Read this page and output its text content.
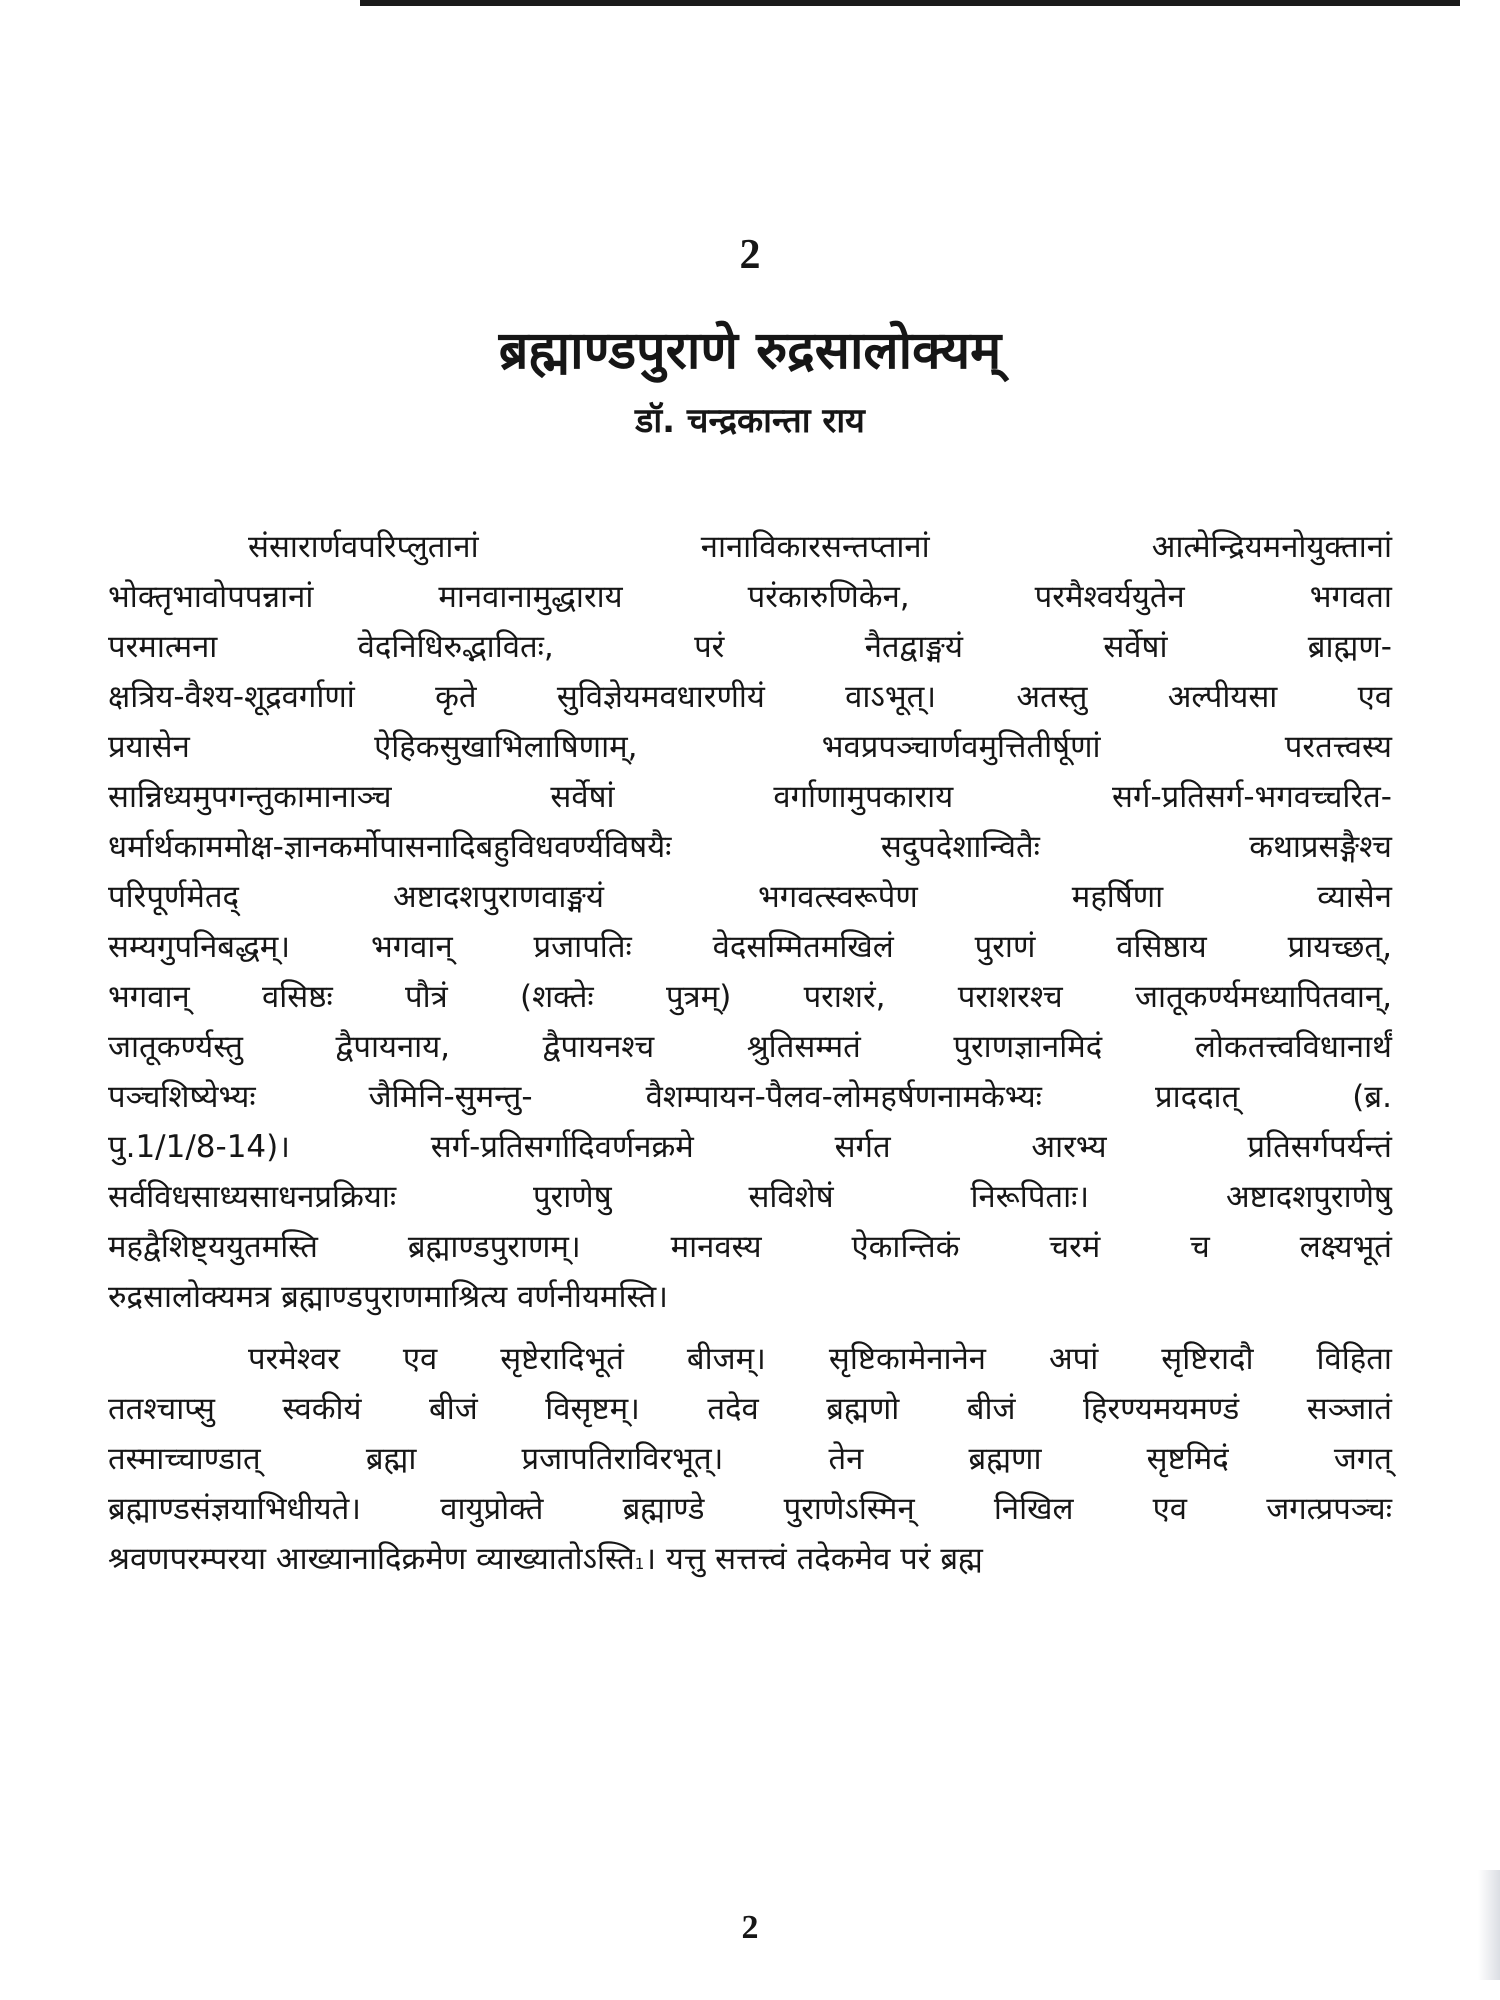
2
ब्रह्माण्डपुराणे रुद्रसालोक्यम्
डॉ. चन्द्रकान्ता राय
संसारार्णवपरिप्लुतानां	नानाविकारसन्तप्तानां	आत्मेन्द्रियमनोयुक्तानां
भोक्तृभावोपपन्नानां	मानवानामुद्धाराय	परंकारुणिकेन,	परमैश्वर्ययुतेन	भगवता
परमात्मना	वेदनिधिरुद्भावितः,	परं	नैतद्वाङ्मयं	सर्वेषां	ब्राह्मण-
क्षत्रिय-वैश्य-शूद्रवर्गाणां	कृते	सुविज्ञेयमवधारणीयं	वाऽभूत्।	अतस्तु	अल्पीयसा	एव
प्रयासेन	ऐहिकसुखाभिलाषिणाम्,	भवप्रपञ्चार्णवमुत्तितीर्षूणां	परतत्त्वस्य
सान्निध्यमुपगन्तुकामानाञ्च	सर्वेषां	वर्गाणामुपकाराय	सर्ग-प्रतिसर्ग-भगवच्चरित-
धर्मार्थकाममोक्ष-ज्ञानकर्मोपासनादिबहुविधवर्ण्यविषयैः	सदुपदेशान्वितैः	कथाप्रसङ्गैश्च
परिपूर्णमेतद्	अष्टादशपुराणवाङ्मयं	भगवत्स्वरूपेण	महर्षिणा	व्यासेन
सम्यगुपनिबद्धम्।	भगवान्	प्रजापतिः	वेदसम्मितमखिलं	पुराणं	वसिष्ठाय	प्रायच्छत्,
भगवान् वसिष्ठः पौत्रं (शक्तेः पुत्रम्) पराशरं, पराशरश्च जातूकर्ण्यमध्यापितवान्,
जातूकर्ण्यस्तु	द्वैपायनाय,	द्वैपायनश्च	श्रुतिसम्मतं	पुराणज्ञानमिदं	लोकतत्त्वविधानार्थं
पञ्चशिष्येभ्यः	जैमिनि-सुमन्तु-	वैशम्पायन-पैलव-लोमहर्षणनामकेभ्यः	प्राददात्	(ब्र.
पु.1/1/8-14)।	सर्ग-प्रतिसर्गादिवर्णनक्रमे	सर्गत	आरभ्य	प्रतिसर्गपर्यन्तं
सर्वविधसाध्यसाधनप्रक्रियाः	पुराणेषु	सविशेषं	निरूपिताः।	अष्टादशपुराणेषु
महद्वैशिष्ट्ययुतमस्ति	ब्रह्माण्डपुराणम्।	मानवस्य	ऐकान्तिकं	चरमं	च	लक्ष्यभूतं
रुद्रसालोक्यमत्र ब्रह्माण्डपुराणमाश्रित्य वर्णनीयमस्ति।
परमेश्वर एव सृष्टेरादिभूतं बीजम्। सृष्टिकामेनानेन अपां सृष्टिरादौ विहिता
ततश्चाप्सु स्वकीयं बीजं विसृष्टम्। तदेव ब्रह्मणो बीजं हिरण्यमयमण्डं सञ्जातं
तस्माच्चाण्डात्	ब्रह्मा	प्रजापतिराविरभूत्।	तेन	ब्रह्मणा	सृष्टमिदं	जगत्
ब्रह्माण्डसंज्ञयाभिधीयते।	वायुप्रोक्ते	ब्रह्माण्डे	पुराणेऽस्मिन्	निखिल	एव	जगत्प्रपञ्चः
श्रवणपरम्परया आख्यानादिक्रमेण व्याख्यातोऽस्ति 1 । यत्तु सत्तत्त्वं तदेकमेव परं ब्रह्म
2
